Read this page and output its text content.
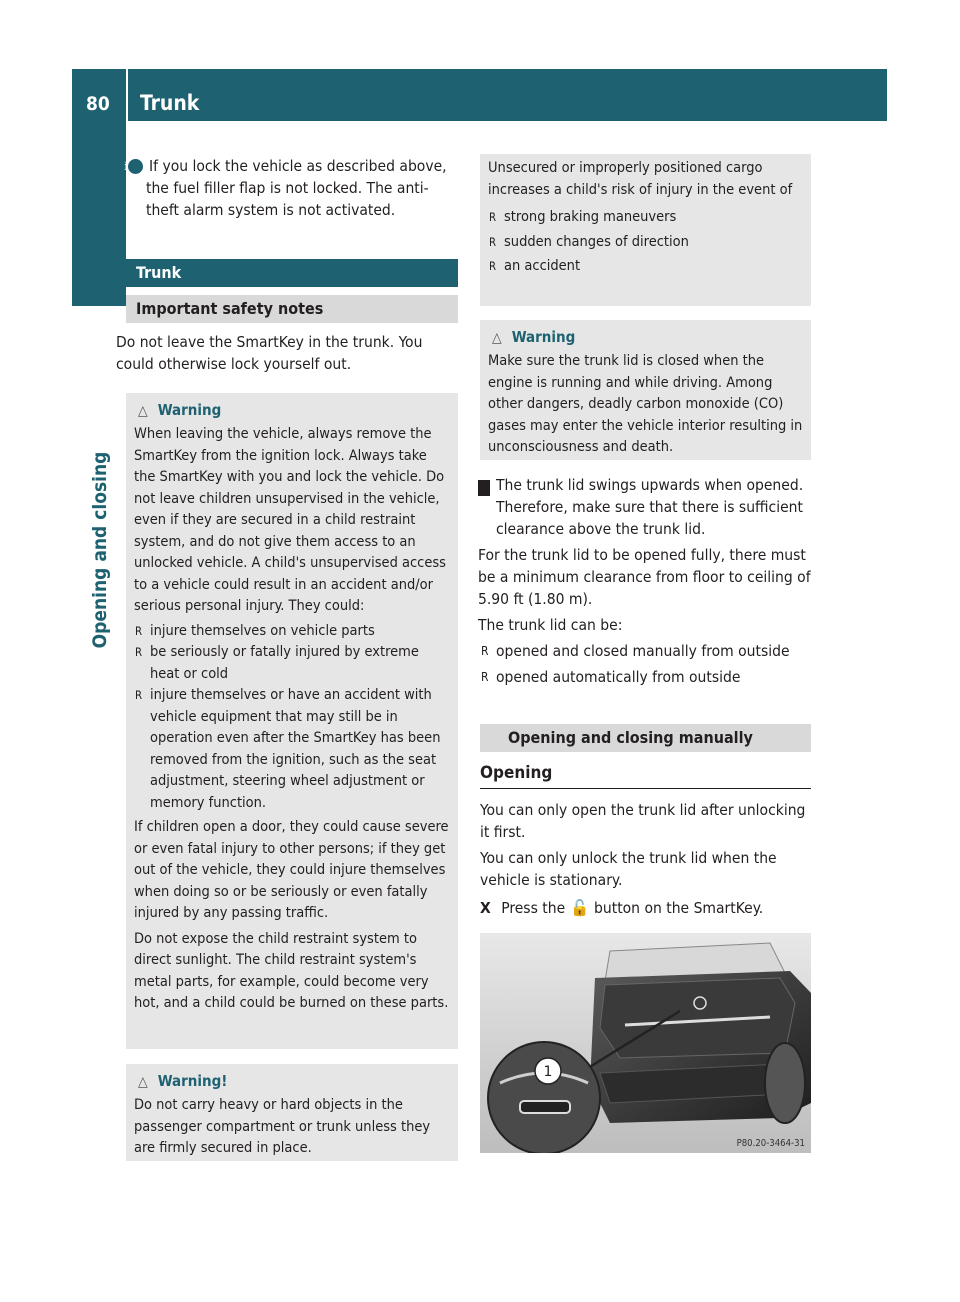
80 Trunk
Opening and closing

i If you lock the vehicle as described above, the fuel filler flap is not locked. The anti-theft alarm system is not activated.

Trunk
Important safety notes

Do not leave the SmartKey in the trunk. You could otherwise lock yourself out.

△ Warning

When leaving the vehicle, always remove the SmartKey from the ignition lock. Always take the SmartKey with you and lock the vehicle. Do not leave children unsupervised in the vehicle, even if they are secured in a child restraint system, and do not give them access to an unlocked vehicle. A child's unsupervised access to a vehicle could result in an accident and/or serious personal injury. They could:

R injure themselves on vehicle parts
R be seriously or fatally injured by extreme heat or cold
R injure themselves or have an accident with vehicle equipment that may still be in operation even after the SmartKey has been removed from the ignition, such as the seat adjustment, steering wheel adjustment or memory function.

If children open a door, they could cause severe or even fatal injury to other persons; if they get out of the vehicle, they could injure themselves when doing so or be seriously or even fatally injured by any passing traffic.

Do not expose the child restraint system to direct sunlight. The child restraint system's metal parts, for example, could become very hot, and a child could be burned on these parts.

△ Warning!

Do not carry heavy or hard objects in the passenger compartment or trunk unless they are firmly secured in place.

Unsecured or improperly positioned cargo increases a child's risk of injury in the event of

R strong braking maneuvers
R sudden changes of direction
R an accident
△ Warning

Make sure the trunk lid is closed when the engine is running and while driving. Among other dangers, deadly carbon monoxide (CO) gases may enter the vehicle interior resulting in unconsciousness and death.

! The trunk lid swings upwards when opened. Therefore, make sure that there is sufficient clearance above the trunk lid.

For the trunk lid to be opened fully, there must be a minimum clearance from floor to ceiling of 5.90 ft (1.80 m).

The trunk lid can be:

R opened and closed manually from outside
R opened automatically from outside
Opening and closing manually
Opening

You can only open the trunk lid after unlocking it first.

You can only unlock the trunk lid when the vehicle is stationary.

X Press the 🔓 button on the SmartKey.

1
P80.20-3464-31
